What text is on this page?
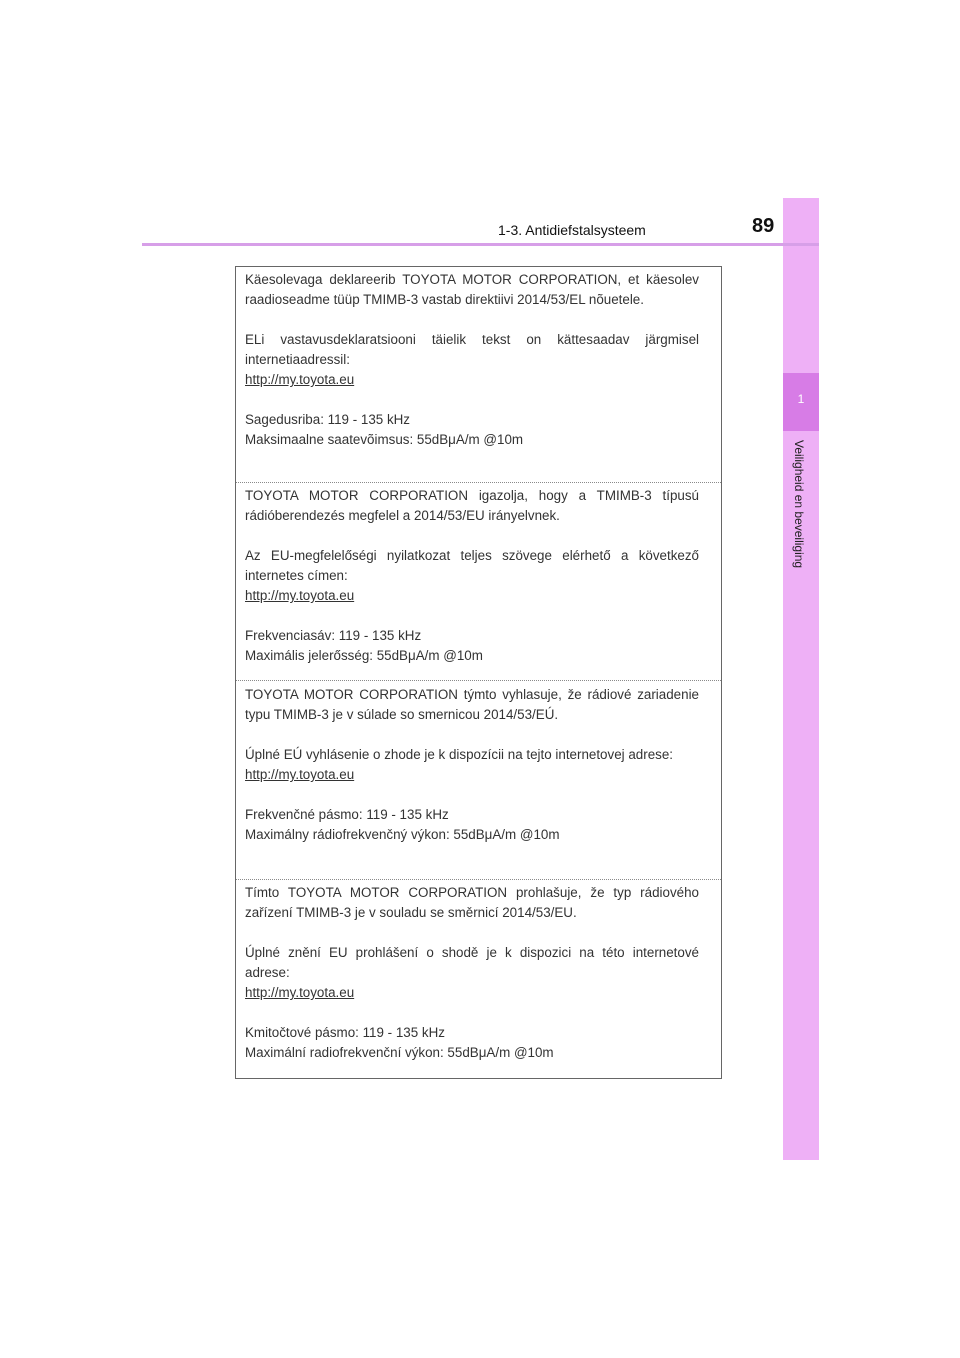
1
Veiligheid en beveiliging
1-3. Antidiefstalsysteem	89

Käesolevaga deklareerib TOYOTA MOTOR CORPORATION, et käesolev raadioseadme tüüp TMIMB-3 vastab direktiivi 2014/53/EL nõuetele.

ELi vastavusdeklaratsiooni täielik tekst on kättesaadav järgmisel internetiaadressil:

http://my.toyota.eu
Sagedusriba: 119 - 135 kHz
Maksimaalne saatevõimsus: 55dBμA/m @10m

TOYOTA MOTOR CORPORATION igazolja, hogy a TMIMB-3 típusú rádióberendezés megfelel a 2014/53/EU irányelvnek.

Az EU-megfelelőségi nyilatkozat teljes szövege elérhető a következő internetes címen:

http://my.toyota.eu
Frekvenciasáv: 119 - 135 kHz
Maximális jelerősség: 55dBμA/m @10m

TOYOTA MOTOR CORPORATION týmto vyhlasuje, že rádiové zariadenie typu TMIMB-3 je v súlade so smernicou 2014/53/EÚ.

Úplné EÚ vyhlásenie o zhode je k dispozícii na tejto internetovej adrese:

http://my.toyota.eu
Frekvenčné pásmo: 119 - 135 kHz
Maximálny rádiofrekvenčný výkon: 55dBμA/m @10m

Tímto TOYOTA MOTOR CORPORATION prohlašuje, že typ rádiového zařízení TMIMB-3 je v souladu se směrnicí 2014/53/EU.

Úplné znění EU prohlášení o shodě je k dispozici na této internetové adrese:

http://my.toyota.eu
Kmitočtové pásmo: 119 - 135 kHz
Maximální radiofrekvenční výkon: 55dBμA/m @10m
